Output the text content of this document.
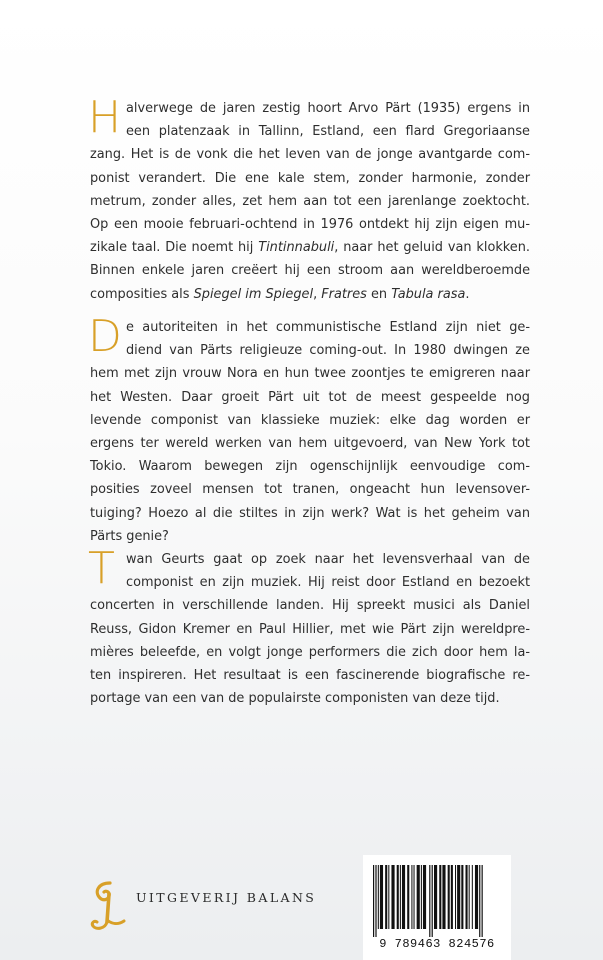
H alverwege de jaren zestig hoort Arvo Pärt (1935) ergens in
een platenzaak in Tallinn, Estland, een flard Gregoriaanse
zang. Het is de vonk die het leven van de jonge avantgarde com-
ponist verandert. Die ene kale stem, zonder harmonie, zonder
metrum, zonder alles, zet hem aan tot een jarenlange zoektocht.
Op een mooie februari-ochtend in 1976 ontdekt hij zijn eigen mu-
zikale taal. Die noemt hij Tintinnabuli, naar het geluid van klokken.
Binnen enkele jaren creëert hij een stroom aan wereldberoemde
composities als Spiegel im Spiegel, Fratres en Tabula rasa.
D e autoriteiten in het communistische Estland zijn niet ge-
diend van Pärts religieuze coming-out. In 1980 dwingen ze
hem met zijn vrouw Nora en hun twee zoontjes te emigreren naar
het Westen. Daar groeit Pärt uit tot de meest gespeelde nog
levende componist van klassieke muziek: elke dag worden er
ergens ter wereld werken van hem uitgevoerd, van New York tot
Tokio. Waarom bewegen zijn ogenschijnlijk eenvoudige com-
posities zoveel mensen tot tranen, ongeacht hun levensover-
tuiging? Hoezo al die stiltes in zijn werk? Wat is het geheim van
Pärts genie?
T wan Geurts gaat op zoek naar het levensverhaal van de
componist en zijn muziek. Hij reist door Estland en bezoekt
concerten in verschillende landen. Hij spreekt musici als Daniel
Reuss, Gidon Kremer en Paul Hillier, met wie Pärt zijn wereldpre-
mières beleefde, en volgt jonge performers die zich door hem la-
ten inspireren. Het resultaat is een fascinerende biografische re-
portage van een van de populairste componisten van deze tijd.
UITGEVERIJ BALANS
9 789463 824576
